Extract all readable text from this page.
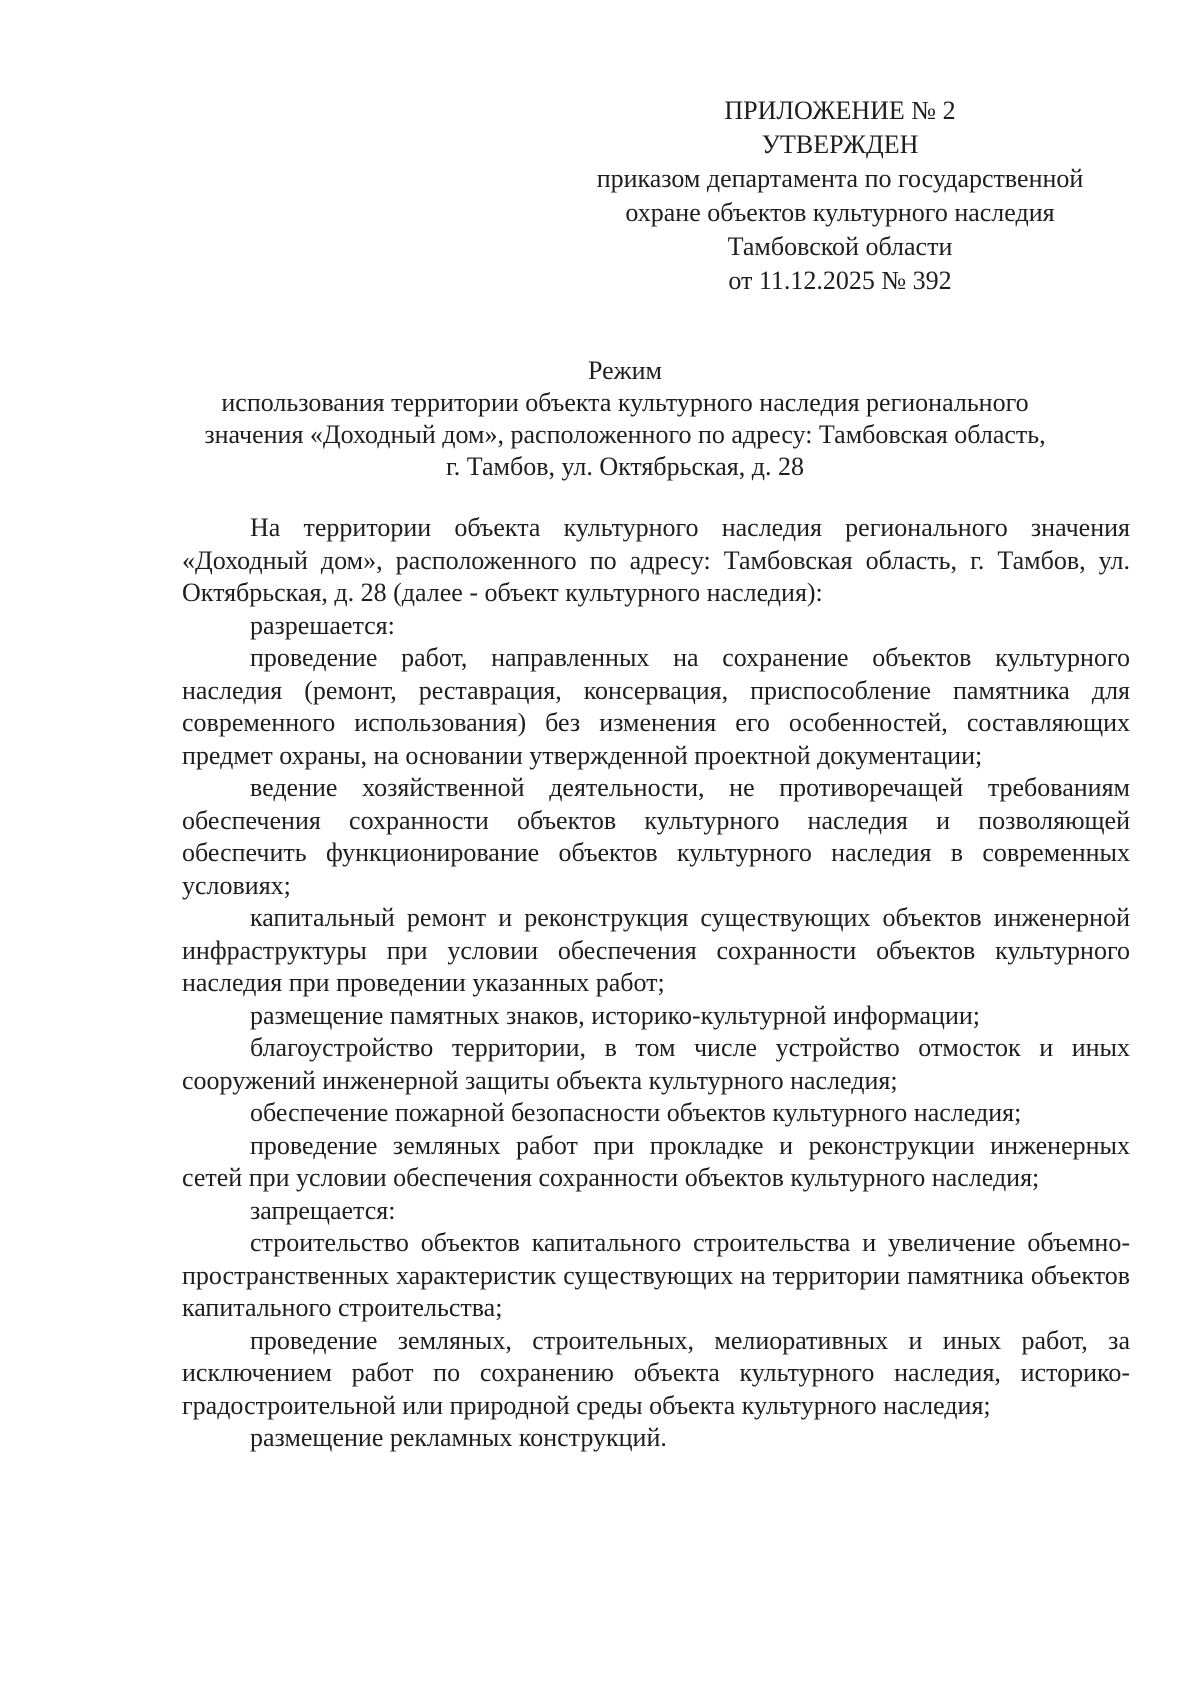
ПРИЛОЖЕНИЕ № 2
УТВЕРЖДЕН
приказом департамента по государственной
охране объектов культурного наследия
Тамбовской области
от 11.12.2025 № 392
Режим
использования территории объекта культурного наследия регионального
значения «Доходный дом», расположенного по адресу: Тамбовская область,
г. Тамбов, ул. Октябрьская, д. 28

На территории объекта культурного наследия регионального значения «Доходный дом», расположенного по адресу: Тамбовская область, г. Тамбов, ул. Октябрьская, д. 28 (далее - объект культурного наследия):

разрешается:

проведение работ, направленных на сохранение объектов культурного наследия (ремонт, реставрация, консервация, приспособление памятника для современного использования) без изменения его особенностей, составляющих предмет охраны, на основании утвержденной проектной документации;

ведение хозяйственной деятельности, не противоречащей требованиям обеспечения сохранности объектов культурного наследия и позволяющей обеспечить функционирование объектов культурного наследия в современных условиях;

капитальный ремонт и реконструкция существующих объектов инженерной инфраструктуры при условии обеспечения сохранности объектов культурного наследия при проведении указанных работ;

размещение памятных знаков, историко-культурной информации;

благоустройство территории, в том числе устройство отмосток и иных сооружений инженерной защиты объекта культурного наследия;

обеспечение пожарной безопасности объектов культурного наследия;

проведение земляных работ при прокладке и реконструкции инженерных сетей при условии обеспечения сохранности объектов культурного наследия;

запрещается:

строительство объектов капитального строительства и увеличение объемно-пространственных характеристик существующих на территории памятника объектов капитального строительства;

проведение земляных, строительных, мелиоративных и иных работ, за исключением работ по сохранению объекта культурного наследия, историко-градостроительной или природной среды объекта культурного наследия;

размещение рекламных конструкций.
